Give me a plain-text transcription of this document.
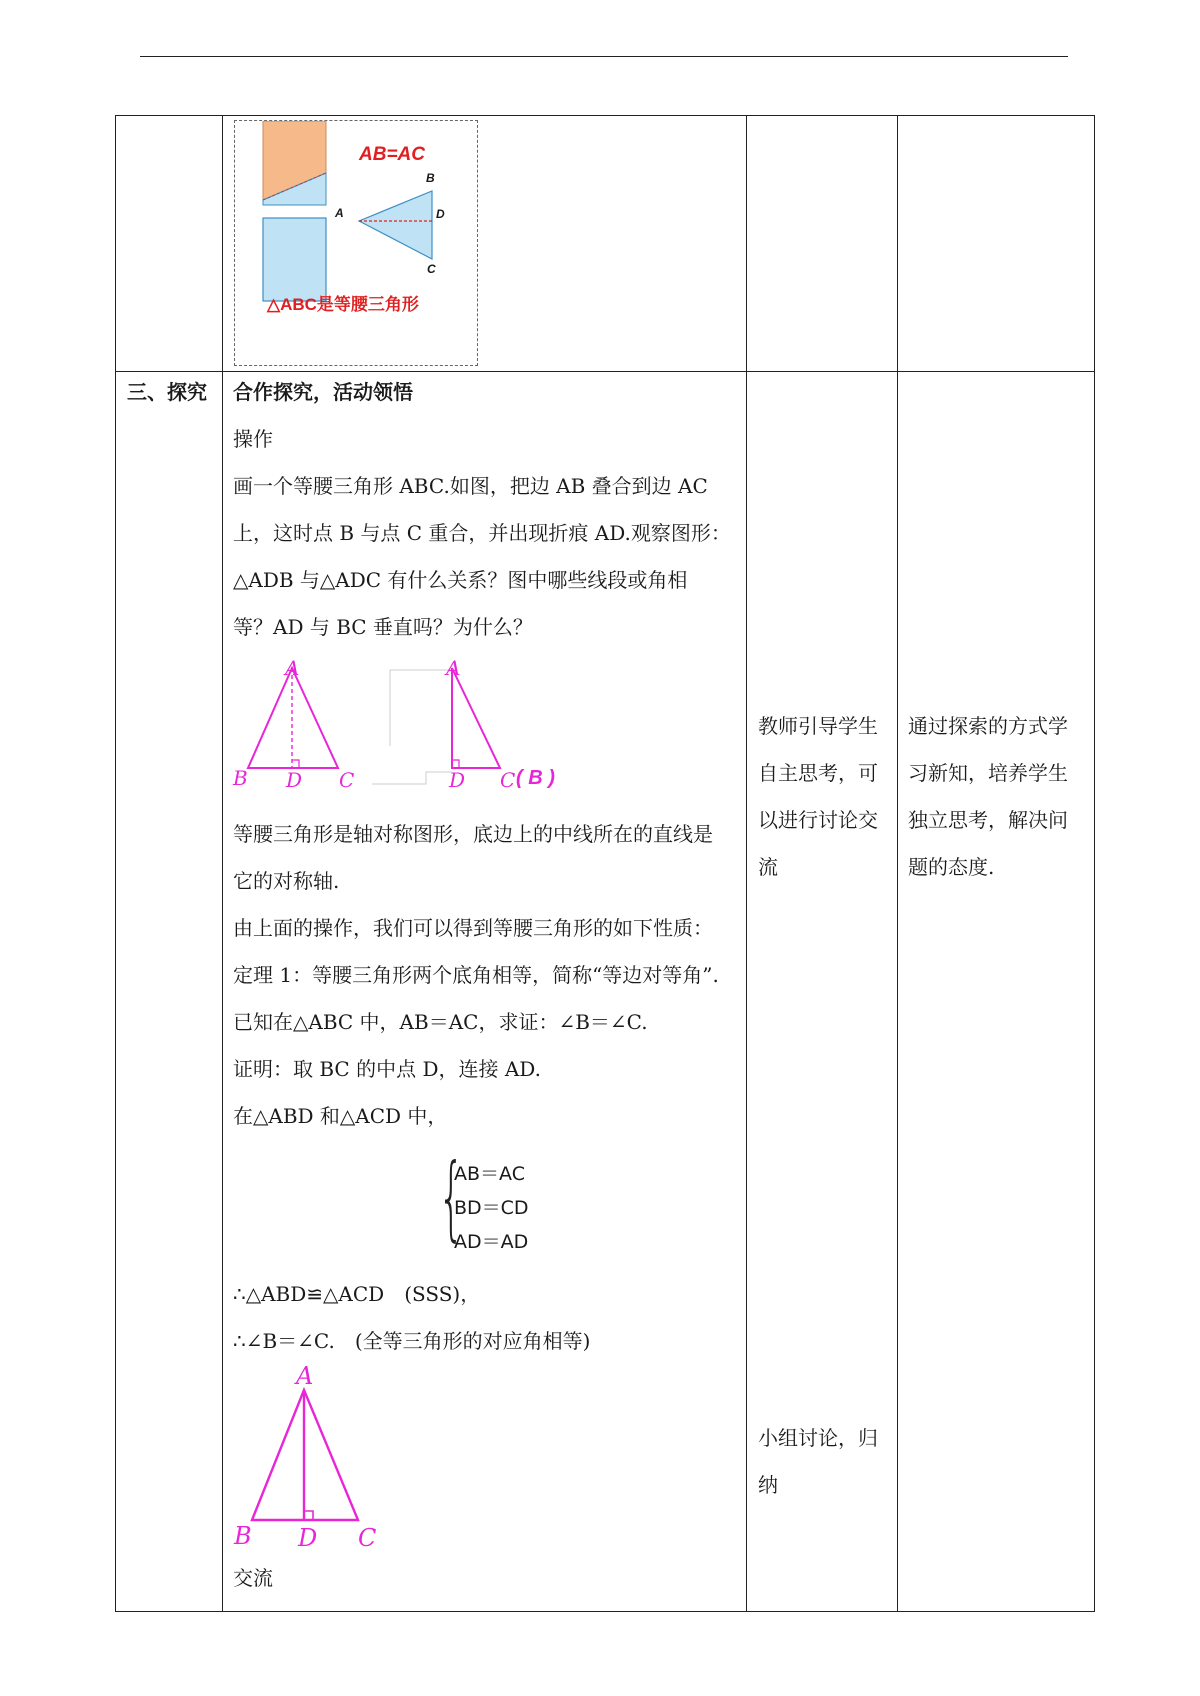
AB=AC
A
B
C
D
△ABC是等腰三角形
三、探究 合作探究，活动领悟
操作
画一个等腰三角形 ABC.如图，把边 AB 叠合到边 AC
上，这时点 B 与点 C 重合，并出现折痕 AD.观察图形：
△ADB 与△ADC 有什么关系？图中哪些线段或角相
等？AD 与 BC 垂直吗？为什么？
A
B D C
A
D C ( B )
等腰三角形是轴对称图形，底边上的中线所在的直线是
它的对称轴.
由上面的操作，我们可以得到等腰三角形的如下性质：
定理 1：等腰三角形两个底角相等，简称“等边对等角”.
已知在△ABC 中，AB＝AC，求证：∠B＝∠C.
证明：取 BC 的中点 D，连接 AD.
在△ABD 和△ACD 中，
{
AB＝AC
BD＝CD
AD＝AD
∴△ABD≌△ACD　(SSS)，
∴∠B＝∠C.　(全等三角形的对应角相等)
A
B D C
交流
教师引导学生
自主思考，可
以进行讨论交
流
小组讨论，归
纳
通过探索的方式学
习新知，培养学生
独立思考，解决问
题的态度.
